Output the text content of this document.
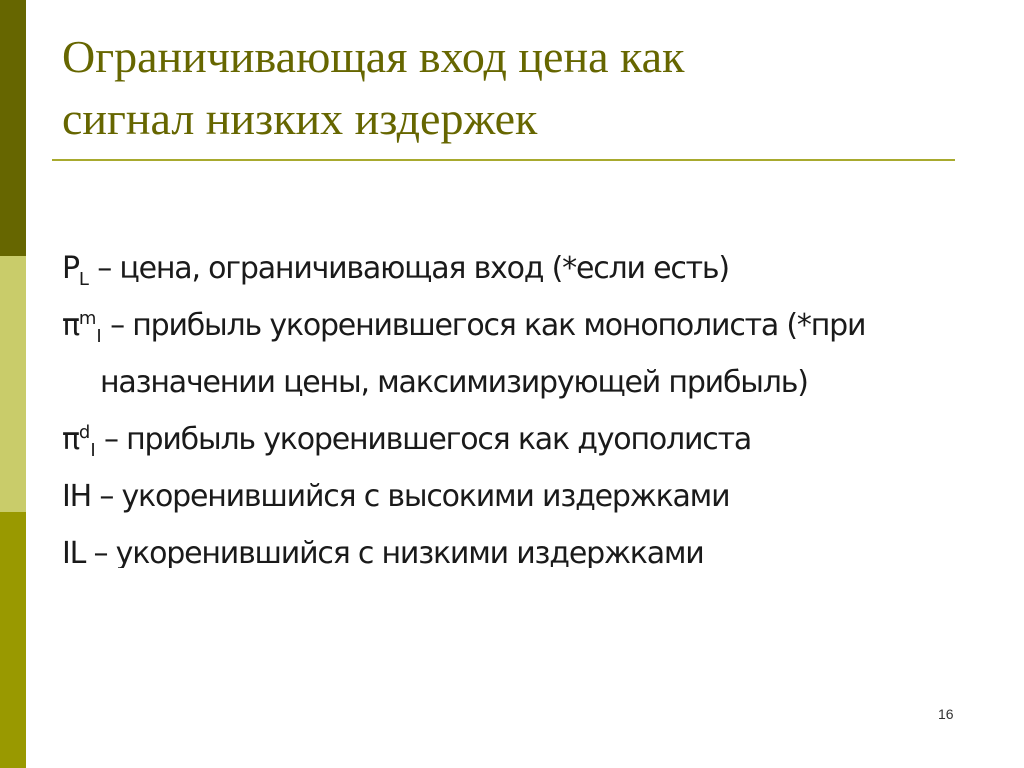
Ограничивающая вход цена как
сигнал низких издержек

$P_L$ – цена, ограничивающая вход (*если есть)

$\pi^m_I$ – прибыль укоренившегося как монополиста (*при назначении цены, максимизирующей прибыль)

$\pi^d_I$ – прибыль укоренившегося как дуополиста

IH – укоренившийся с высокими издержками

IL – укоренившийся с низкими издержками

16
